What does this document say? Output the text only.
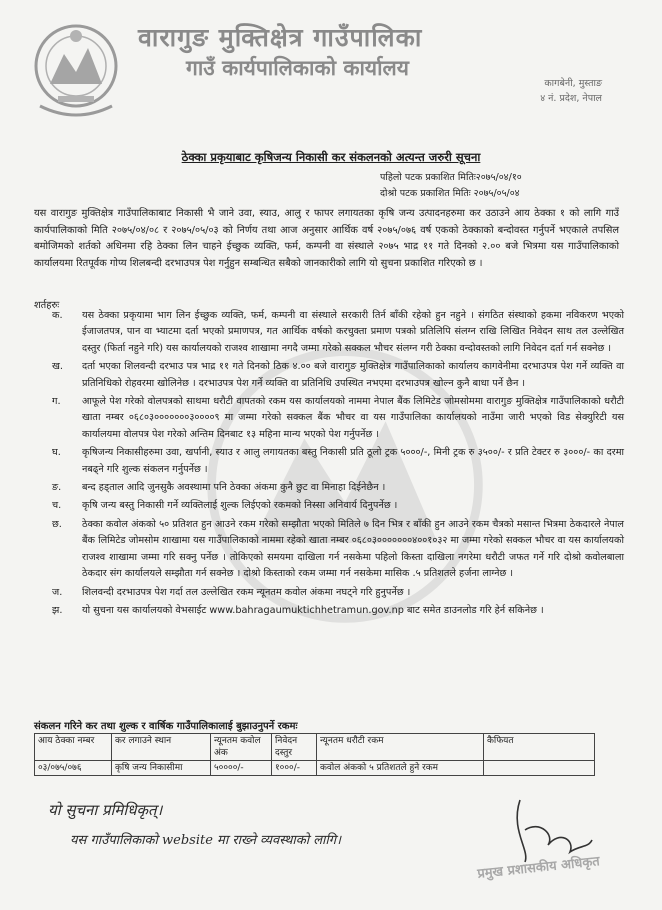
वारागुङ मुक्तिक्षेत्र गाउँपालिका
गाउँ कार्यपालिकाको कार्यालय
कागबेनी, मुस्ताङ
४ नं. प्रदेश, नेपाल
ठेक्का प्रकृयाबाट कृषिजन्य निकासी कर संकलनको अत्यन्त जरुरी सूचना
पहिलो पटक प्रकाशित मितिः२०७५/०४/१०
दोश्रो पटक प्रकाशित मितिः २०७५/०५/०४
यस वारागुङ मुक्तिक्षेत्र गाउँपालिकाबाट निकासी भै जाने उवा, स्याउ, आलु र फापर लगायतका कृषि जन्य उत्पादनहरुमा कर उठाउने आय ठेक्का १ को लागि गाउँ कार्यपालिकाको मिति २०७५/०४/०८ र २०७५/०५/०३ को निर्णय तथा आज अनुसार आर्थिक वर्ष २०७५/०७६ वर्ष एकको ठेक्काको बन्दोवस्त गर्नुपर्ने भएकाले तपसिल बमोजिमको शर्तको अधिनमा रहि ठेक्का लिन चाहने ईच्छुक व्यक्ति, फर्म, कम्पनी वा संस्थाले २०७५ भाद्र ११ गते दिनको २.०० बजे भित्रमा यस गाउँपालिकाको कार्यालयमा रितपूर्वक गोप्य शिलबन्दी दरभाउपत्र पेश गर्नुहुन सम्बन्धित सबैको जानकारीको लागि यो सुचना प्रकाशित गरिएको छ ।
शर्तहरुः
क.	यस ठेक्का प्रकृयामा भाग लिन ईच्छुक व्यक्ति, फर्म, कम्पनी वा संस्थाले सरकारी तिर्न बाँकी रहेको हुन नहुने । संगठित संस्थाको हकमा नविकरण भएको ईजाजतपत्र, पान वा भ्याटमा दर्ता भएको प्रमाणपत्र, गत आर्थिक वर्षको करचुक्ता प्रमाण पत्रको प्रतिलिपि संलग्न राखि लिखित निवेदन साथ तल उल्लेखित दस्तुर (फिर्ता नहुने गरि) यस कार्यालयको राजश्व शाखामा नगदै जम्मा गरेको सक्कल भौचर संलग्न गरी ठेक्का वन्दोवस्तको लागि निवेदन दर्ता गर्न सक्नेछ ।
ख.	दर्ता भएका शिलवन्दी दरभाउ पत्र भाद्र ११ गते दिनको ठिक ४.०० बजे वारागुङ मुक्तिक्षेत्र गाउँपालिकाको कार्यालय कागवेनीमा दरभाउपत्र पेश गर्ने व्यक्ति वा प्रतिनिधिको रोहवरमा खोलिनेछ । दरभाउपत्र पेश गर्ने व्यक्ति वा प्रतिनिधि उपस्थित नभएमा दरभाउपत्र खोल्न कुनै बाधा पर्ने छैन ।
ग.	आफूले पेश गरेको वोलपत्रको साथमा धरौटी वापतको रकम यस कार्यालयको नाममा नेपाल बैंक लिमिटेड जोमसोममा वारागुङ मुक्तिक्षेत्र गाउँपालिकाको धरौटी खाता नम्बर ०६८०३०००००००३००००९ मा जम्मा गरेको सक्कल बैंक भौचर वा यस गाउँपालिका कार्यालयको नाउँमा जारी भएको विड सेक्युरिटी यस कार्यालयमा वोलपत्र पेश गरेको अन्तिम दिनबाट १३ महिना मान्य भएको पेश गर्नुपर्नेछ ।
घ.	कृषिजन्य निकासीहरुमा उवा, खर्पानी, स्याउ र आलु लगायतका बस्तु निकासी प्रति ठूलो ट्रक ५०००/-, मिनी ट्रक रु ३५००/- र प्रति टेक्टर रु ३०००/- का दरमा नबढ्ने गरि शुल्क संकलन गर्नुपर्नेछ ।
ङ.	बन्द हड्ताल आदि जुनसुकै अवस्थामा पनि ठेक्का अंकमा कुनै छुट वा मिनाहा दिईनेछैन ।
च.	कृषि जन्य बस्तु निकासी गर्ने व्यक्तिलाई शुल्क लिईएको रकमको निस्सा अनिवार्य दिनुपर्नेछ ।
छ.	ठेक्का कवोल अंकको ५० प्रतिशत हुन आउने रकम गरेको सम्झौता भएको मितिले ७ दिन भित्र र बाँकी हुन आउने रकम चैत्रको मसान्त भित्रमा ठेकदारले नेपाल बैंक लिमिटेड जोमसोम शाखामा यस गाउँपालिकाको नाममा रहेको खाता नम्बर ०६८०३०००००००४००१०३२ मा जम्मा गरेको सक्कल भौचर वा यस कार्यालयको राजश्व शाखामा जम्मा गरि सक्नु पर्नेछ । तोकिएको समयमा दाखिला गर्न नसकेमा पहिलो किस्ता दाखिला नगरेमा धरौटी जफत गर्ने गरि दोश्रो कवोलबाला ठेकदार संग कार्यालयले सम्झौता गर्न सक्नेछ । दोश्रो किस्ताको रकम जम्मा गर्न नसकेमा मासिक .५ प्रतिशतले हर्जना लाग्नेछ ।
ज.	शिलवन्दी दरभाउपत्र पेश गर्दा तल उल्लेखित रकम न्यूनतम कवोल अंकमा नघट्ने गरि हुनुपर्नेछ ।
झ.	यो सुचना यस कार्यालयको वेभसाईट www.bahragaumuktichhetramun.gov.np बाट समेत डाउनलोड गरि हेर्न सकिनेछ ।
संकलन गरिने कर तथा शुल्क र वार्षिक गाउँपालिकालाई बुझाउनुपर्ने रकमः
आय ठेक्का नम्बर	कर लगाउने स्थान	न्यूनतम कवोल अंक	निवेदन दस्तुर	न्यूनतम धरौटी रकम	कैफियत
०३/०७५/०७६	कृषि जन्य निकासीमा	५००००/-	१०००/-	कवोल अंकको ५ प्रतिशतले हुने रकम	
यो सुचना प्रमिधिकृत्।
यस गाउँपालिकाको website मा राख्ने व्यवस्थाको लागि।
प्रमुख प्रशासकीय अधिकृत
